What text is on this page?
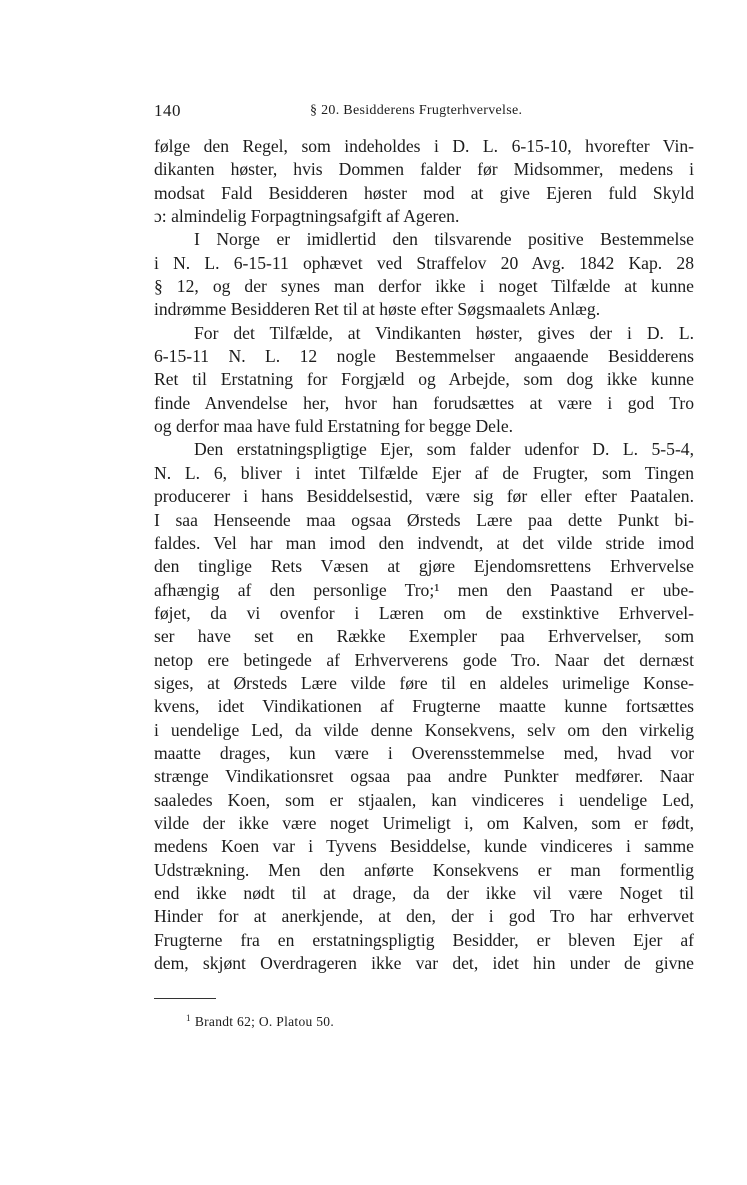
140	§ 20. Besidderens Frugterhvervelse.
følge den Regel, som indeholdes i D. L. 6-15-10, hvorefter Vin-
dikanten høster, hvis Dommen falder før Midsommer, medens i
modsat Fald Besidderen høster mod at give Ejeren fuld Skyld
ɔ: almindelig Forpagtningsafgift af Ageren.
I Norge er imidlertid den tilsvarende positive Bestemmelse
i N. L. 6-15-11 ophævet ved Straffelov 20 Avg. 1842 Kap. 28
§ 12, og der synes man derfor ikke i noget Tilfælde at kunne
indrømme Besidderen Ret til at høste efter Søgsmaalets Anlæg.
For det Tilfælde, at Vindikanten høster, gives der i D. L.
6-15-11 N. L. 12 nogle Bestemmelser angaaende Besidderens
Ret til Erstatning for Forgjæld og Arbejde, som dog ikke kunne
finde Anvendelse her, hvor han forudsættes at være i god Tro
og derfor maa have fuld Erstatning for begge Dele.
Den erstatningspligtige Ejer, som falder udenfor D. L. 5-5-4,
N. L. 6, bliver i intet Tilfælde Ejer af de Frugter, som Tingen
producerer i hans Besiddelsestid, være sig før eller efter Paatalen.
I saa Henseende maa ogsaa Ørsteds Lære paa dette Punkt bi-
faldes. Vel har man imod den indvendt, at det vilde stride imod
den tinglige Rets Væsen at gjøre Ejendomsrettens Erhvervelse
afhængig af den personlige Tro;¹ men den Paastand er ube-
føjet, da vi ovenfor i Læren om de exstinktive Erhvervel-
ser have set en Række Exempler paa Erhvervelser, som
netop ere betingede af Erhververens gode Tro. Naar det dernæst
siges, at Ørsteds Lære vilde føre til en aldeles urimelige Konse-
kvens, idet Vindikationen af Frugterne maatte kunne fortsættes
i uendelige Led, da vilde denne Konsekvens, selv om den virkelig
maatte drages, kun være i Overensstemmelse med, hvad vor
strænge Vindikationsret ogsaa paa andre Punkter medfører. Naar
saaledes Koen, som er stjaalen, kan vindiceres i uendelige Led,
vilde der ikke være noget Urimeligt i, om Kalven, som er født,
medens Koen var i Tyvens Besiddelse, kunde vindiceres i samme
Udstrækning. Men den anførte Konsekvens er man formentlig
end ikke nødt til at drage, da der ikke vil være Noget til
Hinder for at anerkjende, at den, der i god Tro har erhvervet
Frugterne fra en erstatningspligtig Besidder, er bleven Ejer af
dem, skjønt Overdrageren ikke var det, idet hin under de givne
$^1$ Brandt 62; O. Platou 50.
